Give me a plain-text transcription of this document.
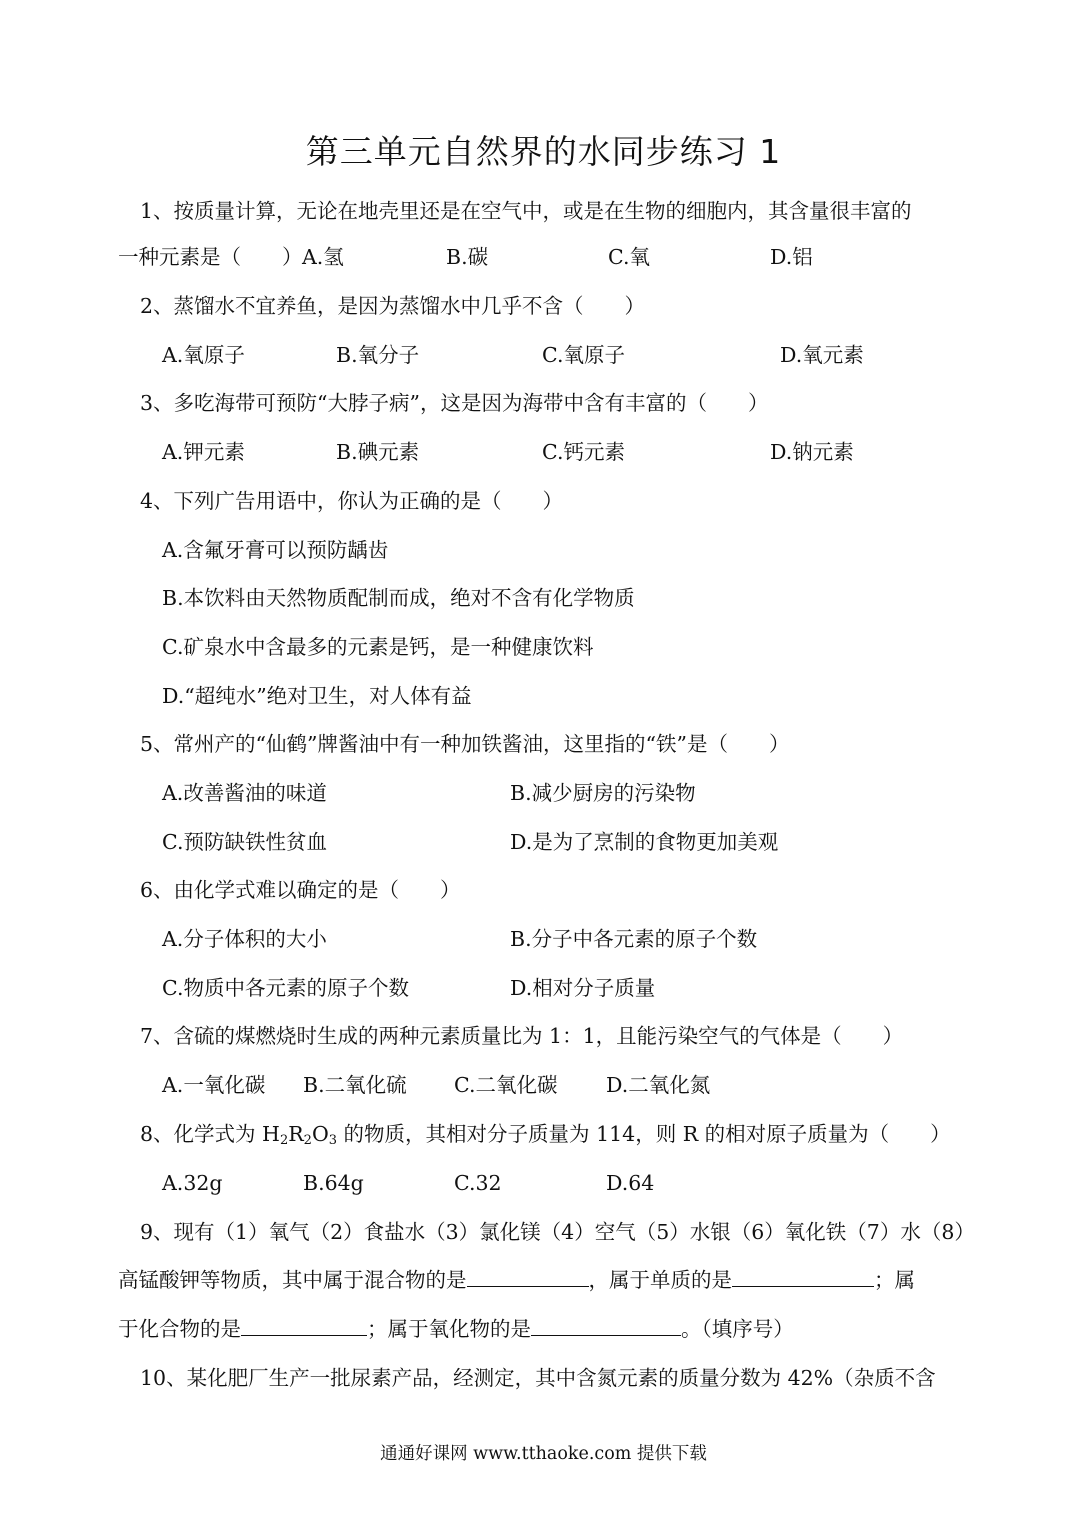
第三单元自然界的水同步练习 1
1、按质量计算，无论在地壳里还是在空气中，或是在生物的细胞内，其含量很丰富的
一种元素是（　　） A.氢	B.碳	C.氧	D.铝
2、蒸馏水不宜养鱼，是因为蒸馏水中几乎不含（　　）
A.氧原子	B.氧分子	C.氧原子	D.氧元素
3、多吃海带可预防“大脖子病”，这是因为海带中含有丰富的（　　）
A.钾元素	B.碘元素	C.钙元素	D.钠元素
4、下列广告用语中，你认为正确的是（　　）
A.含氟牙膏可以预防龋齿
B.本饮料由天然物质配制而成，绝对不含有化学物质
C.矿泉水中含最多的元素是钙，是一种健康饮料
D.“超纯水”绝对卫生，对人体有益
5、常州产的“仙鹤”牌酱油中有一种加铁酱油，这里指的“铁”是（　　）
A.改善酱油的味道	B.减少厨房的污染物
C.预防缺铁性贫血	D.是为了烹制的食物更加美观
6、由化学式难以确定的是（　　）
A.分子体积的大小	B.分子中各元素的原子个数
C.物质中各元素的原子个数	D.相对分子质量
7、含硫的煤燃烧时生成的两种元素质量比为 1：1，且能污染空气的气体是（　　）
A.一氧化碳 B.二氧化硫 C.二氧化碳 D.二氧化氮
8、化学式为 $H_2R_2O_3$ 的物质，其相对分子质量为 114，则 R 的相对原子质量为（　　）
A.32g	B.64g	C.32	D.64
9、现有（1）氧气（2）食盐水（3）氯化镁（4）空气（5）水银（6）氧化铁（7）水（8）
高锰酸钾等物质，其中属于混合物的是	，属于单质的是	；属
于化合物的是	；属于氧化物的是	。（填序号）
10、某化肥厂生产一批尿素产品，经测定，其中含氮元素的质量分数为 42%（杂质不含
通通好课网 www.tthaoke.com 提供下载
